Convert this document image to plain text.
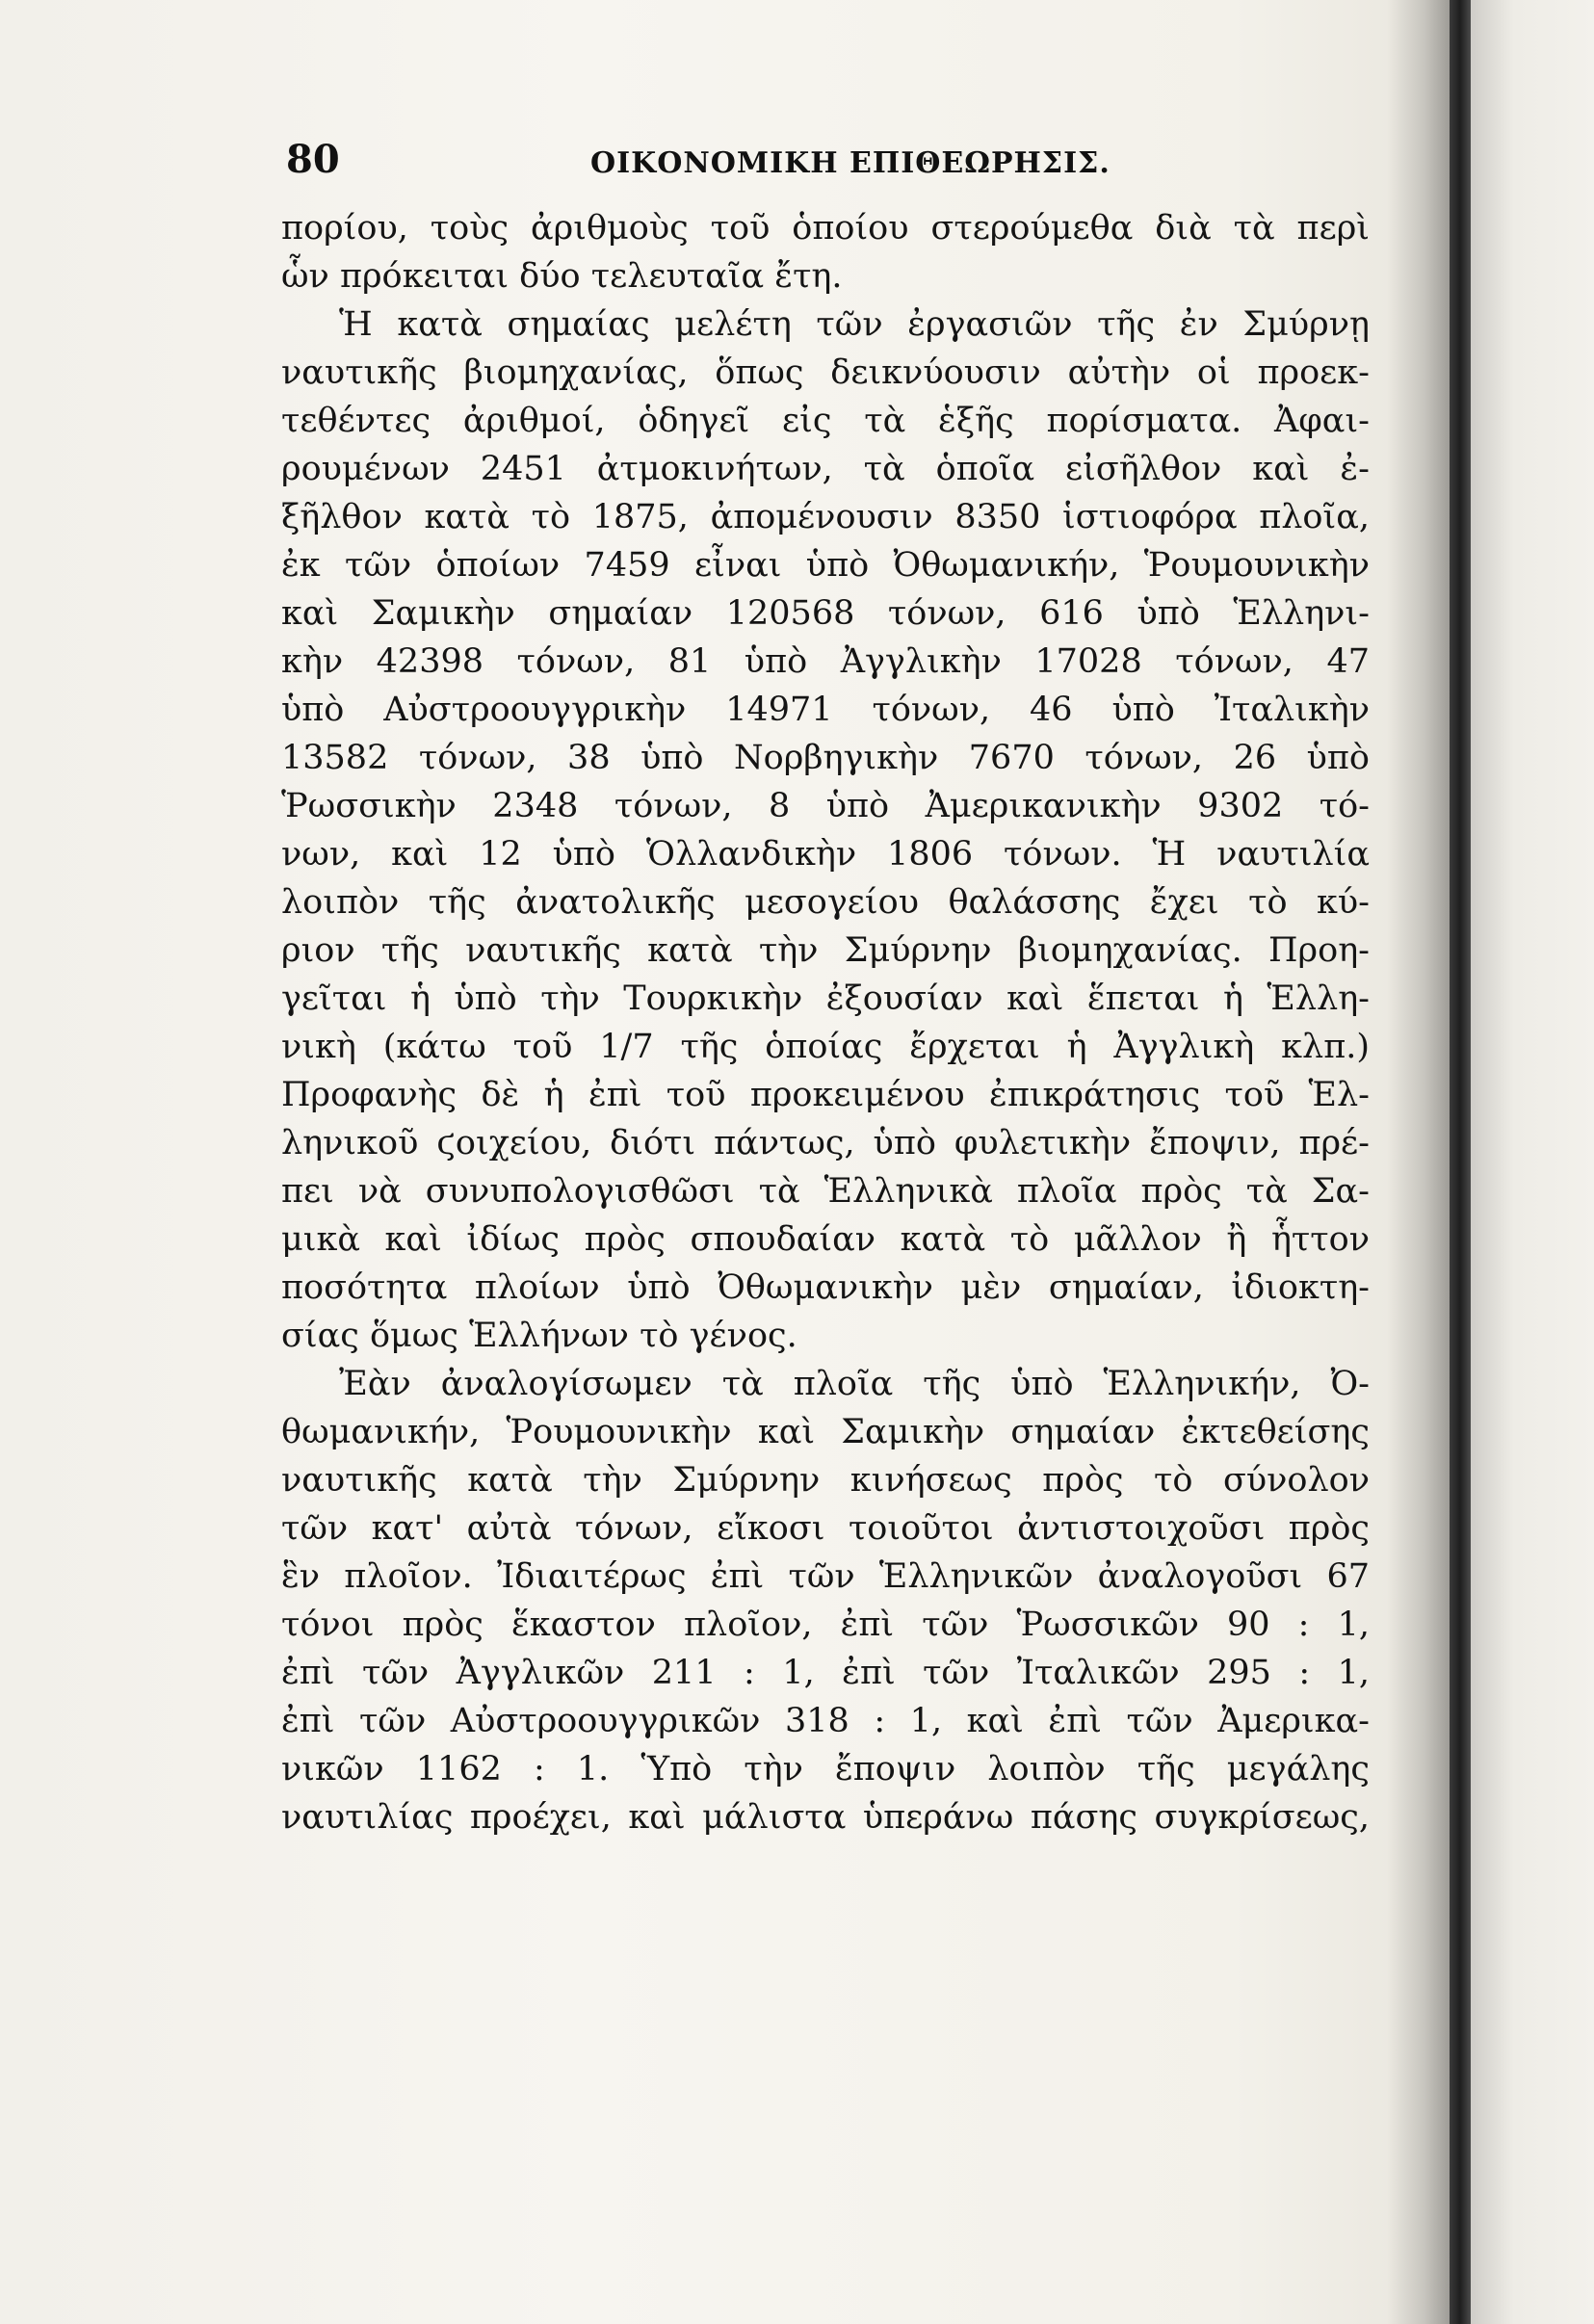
80	ΟΙΚΟΝΟΜΙΚΗ ΕΠΙΘΕΩΡΗΣΙΣ.
πορίου, τοὺς ἀριθμοὺς τοῦ ὁποίου στερούμεθα διὰ τὰ περὶ
ὧν πρόκειται δύο τελευταῖα ἔτη.
Ἡ κατὰ σημαίας μελέτη τῶν ἐργασιῶν τῆς ἐν Σμύρνῃ
ναυτικῆς βιομηχανίας, ὅπως δεικνύουσιν αὐτὴν οἱ προεκ-
τεθέντες ἀριθμοί, ὁδηγεῖ εἰς τὰ ἑξῆς πορίσματα. Ἀφαι-
ρουμένων 2451 ἀτμοκινήτων, τὰ ὁποῖα εἰσῆλθον καὶ ἐ-
ξῆλθον κατὰ τὸ 1875, ἀπομένουσιν 8350 ἱστιοφόρα πλοῖα,
ἐκ τῶν ὁποίων 7459 εἶναι ὑπὸ Ὀθωμανικήν, Ῥουμουνικὴν
καὶ Σαμικὴν σημαίαν 120568 τόνων, 616 ὑπὸ Ἑλληνι-
κὴν 42398 τόνων, 81 ὑπὸ Ἀγγλικὴν 17028 τόνων, 47
ὑπὸ Αὐστροουγγρικὴν 14971 τόνων, 46 ὑπὸ Ἰταλικὴν
13582 τόνων, 38 ὑπὸ Νορβηγικὴν 7670 τόνων, 26 ὑπὸ
Ῥωσσικὴν 2348 τόνων, 8 ὑπὸ Ἀμερικανικὴν 9302 τό-
νων, καὶ 12 ὑπὸ Ὁλλανδικὴν 1806 τόνων. Ἡ ναυτιλία
λοιπὸν τῆς ἀνατολικῆς μεσογείου θαλάσσης ἔχει τὸ κύ-
ριον τῆς ναυτικῆς κατὰ τὴν Σμύρνην βιομηχανίας. Προη-
γεῖται ἡ ὑπὸ τὴν Τουρκικὴν ἐξουσίαν καὶ ἕπεται ἡ Ἑλλη-
νικὴ (κάτω τοῦ 1/7 τῆς ὁποίας ἔρχεται ἡ Ἀγγλικὴ κλπ.)
Προφανὴς δὲ ἡ ἐπὶ τοῦ προκειμένου ἐπικράτησις τοῦ Ἑλ-
ληνικοῦ ϛοιχείου, διότι πάντως, ὑπὸ φυλετικὴν ἔποψιν, πρέ-
πει νὰ συνυπολογισθῶσι τὰ Ἑλληνικὰ πλοῖα πρὸς τὰ Σα-
μικὰ καὶ ἰδίως πρὸς σπουδαίαν κατὰ τὸ μᾶλλον ἢ ἧττον
ποσότητα πλοίων ὑπὸ Ὀθωμανικὴν μὲν σημαίαν, ἰδιοκτη-
σίας ὅμως Ἑλλήνων τὸ γένος.
Ἐὰν ἀναλογίσωμεν τὰ πλοῖα τῆς ὑπὸ Ἑλληνικήν, Ὀ-
θωμανικήν, Ῥουμουνικὴν καὶ Σαμικὴν σημαίαν ἐκτεθείσης
ναυτικῆς κατὰ τὴν Σμύρνην κινήσεως πρὸς τὸ σύνολον
τῶν κατ' αὐτὰ τόνων, εἴκοσι τοιοῦτοι ἀντιστοιχοῦσι πρὸς
ἓν πλοῖον. Ἰδιαιτέρως ἐπὶ τῶν Ἑλληνικῶν ἀναλογοῦσι 67
τόνοι πρὸς ἕκαστον πλοῖον, ἐπὶ τῶν Ῥωσσικῶν 90 : 1,
ἐπὶ τῶν Ἀγγλικῶν 211 : 1, ἐπὶ τῶν Ἰταλικῶν 295 : 1,
ἐπὶ τῶν Αὐστροουγγρικῶν 318 : 1, καὶ ἐπὶ τῶν Ἀμερικα-
νικῶν 1162 : 1. Ὑπὸ τὴν ἔποψιν λοιπὸν τῆς μεγάλης
ναυτιλίας προέχει, καὶ μάλιστα ὑπεράνω πάσης συγκρίσεως,
